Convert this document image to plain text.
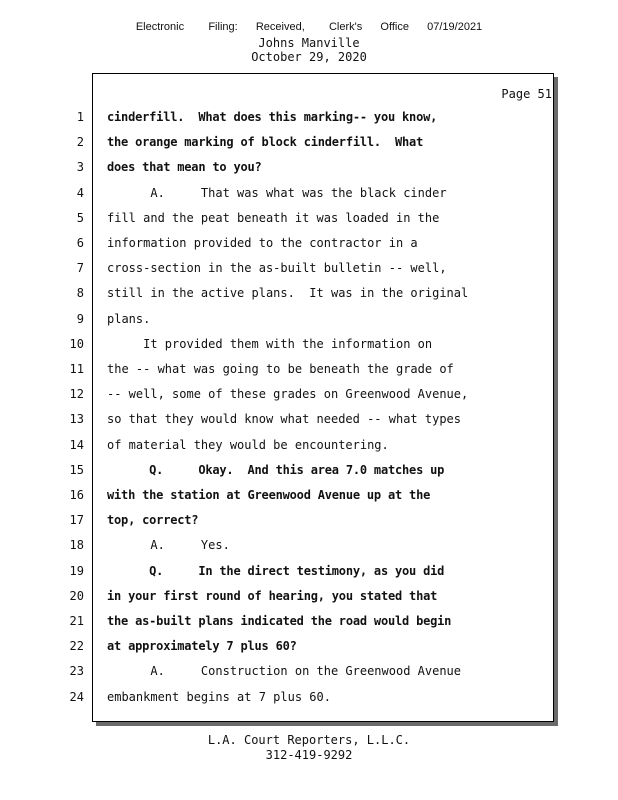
Electronic    Filing:   Received,    Clerk's   Office   07/19/2021
Johns Manville
October 29, 2020
Page 51
1 cinderfill.  What does this marking-- you know,
2 the orange marking of block cinderfill.  What
3 does that mean to you?
4 A.     That was what was the black cinder
5 fill and the peat beneath it was loaded in the
6 information provided to the contractor in a
7 cross-section in the as-built bulletin -- well,
8 still in the active plans.  It was in the original
9 plans.
10 It provided them with the information on
11 the -- what was going to be beneath the grade of
12 -- well, some of these grades on Greenwood Avenue,
13 so that they would know what needed -- what types
14 of material they would be encountering.
15 Q.     Okay.  And this area 7.0 matches up
16 with the station at Greenwood Avenue up at the
17 top, correct?
18 A.     Yes.
19 Q.     In the direct testimony, as you did
20 in your first round of hearing, you stated that
21 the as-built plans indicated the road would begin
22 at approximately 7 plus 60?
23 A.     Construction on the Greenwood Avenue
24 embankment begins at 7 plus 60.
L.A. Court Reporters, L.L.C.
312-419-9292
